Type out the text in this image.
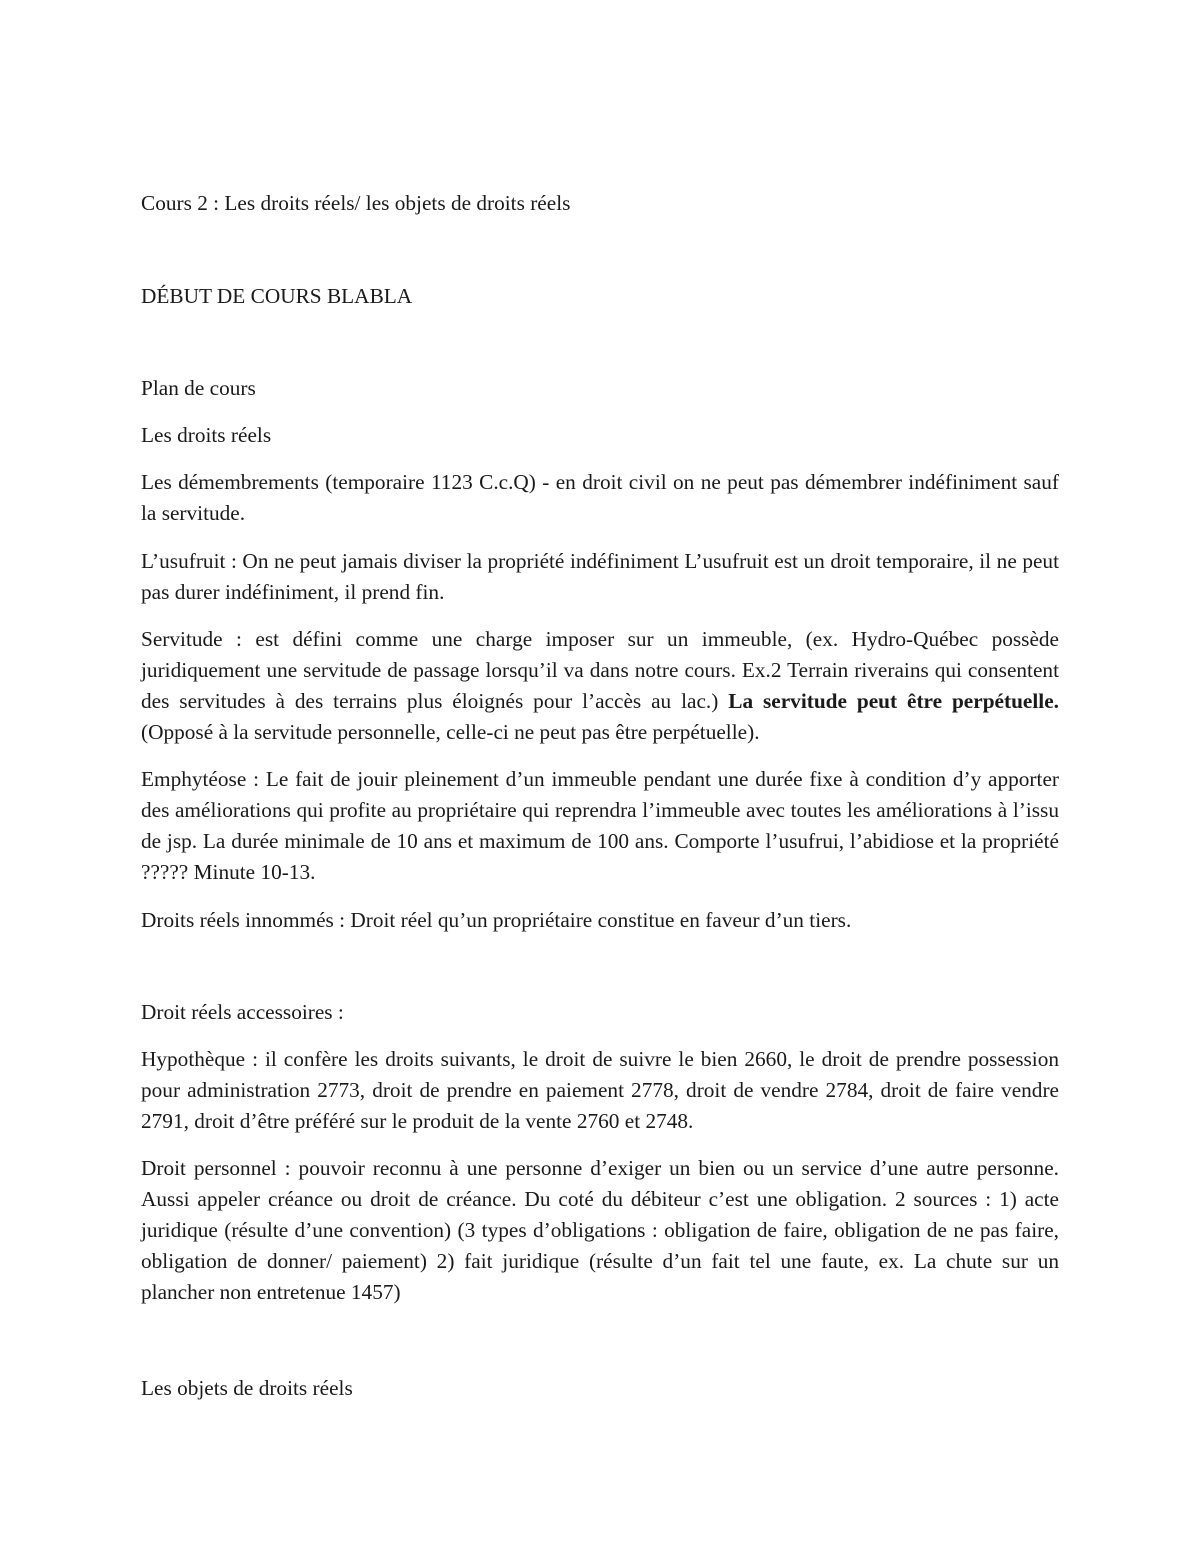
Cours 2 : Les droits réels/ les objets de droits réels

DÉBUT DE COURS BLABLA

Plan de cours

Les droits réels

Les démembrements (temporaire 1123 C.c.Q) - en droit civil on ne peut pas démembrer indéfiniment sauf la servitude.

L’usufruit : On ne peut jamais diviser la propriété indéfiniment L’usufruit est un droit temporaire, il ne peut pas durer indéfiniment, il prend fin.

Servitude : est défini comme une charge imposer sur un immeuble, (ex. Hydro-Québec possède juridiquement une servitude de passage lorsqu’il va dans notre cours. Ex.2 Terrain riverains qui consentent des servitudes à des terrains plus éloignés pour l’accès au lac.) La servitude peut être perpétuelle. (Opposé à la servitude personnelle, celle-ci ne peut pas être perpétuelle).

Emphytéose : Le fait de jouir pleinement d’un immeuble pendant une durée fixe à condition d’y apporter des améliorations qui profite au propriétaire qui reprendra l’immeuble avec toutes les améliorations à l’issu de jsp. La durée minimale de 10 ans et maximum de 100 ans. Comporte l’usufrui, l’abidiose et la propriété ????? Minute 10-13.

Droits réels innommés : Droit réel qu’un propriétaire constitue en faveur d’un tiers.

Droit réels accessoires :

Hypothèque : il confère les droits suivants, le droit de suivre le bien 2660, le droit de prendre possession pour administration 2773, droit de prendre en paiement 2778, droit de vendre 2784, droit de faire vendre 2791, droit d’être préféré sur le produit de la vente 2760 et 2748.

Droit personnel : pouvoir reconnu à une personne d’exiger un bien ou un service d’une autre personne. Aussi appeler créance ou droit de créance. Du coté du débiteur c’est une obligation. 2 sources : 1) acte juridique (résulte d’une convention) (3 types d’obligations : obligation de faire, obligation de ne pas faire, obligation de donner/ paiement) 2) fait juridique (résulte d’un fait tel une faute, ex. La chute sur un plancher non entretenue 1457)

Les objets de droits réels
